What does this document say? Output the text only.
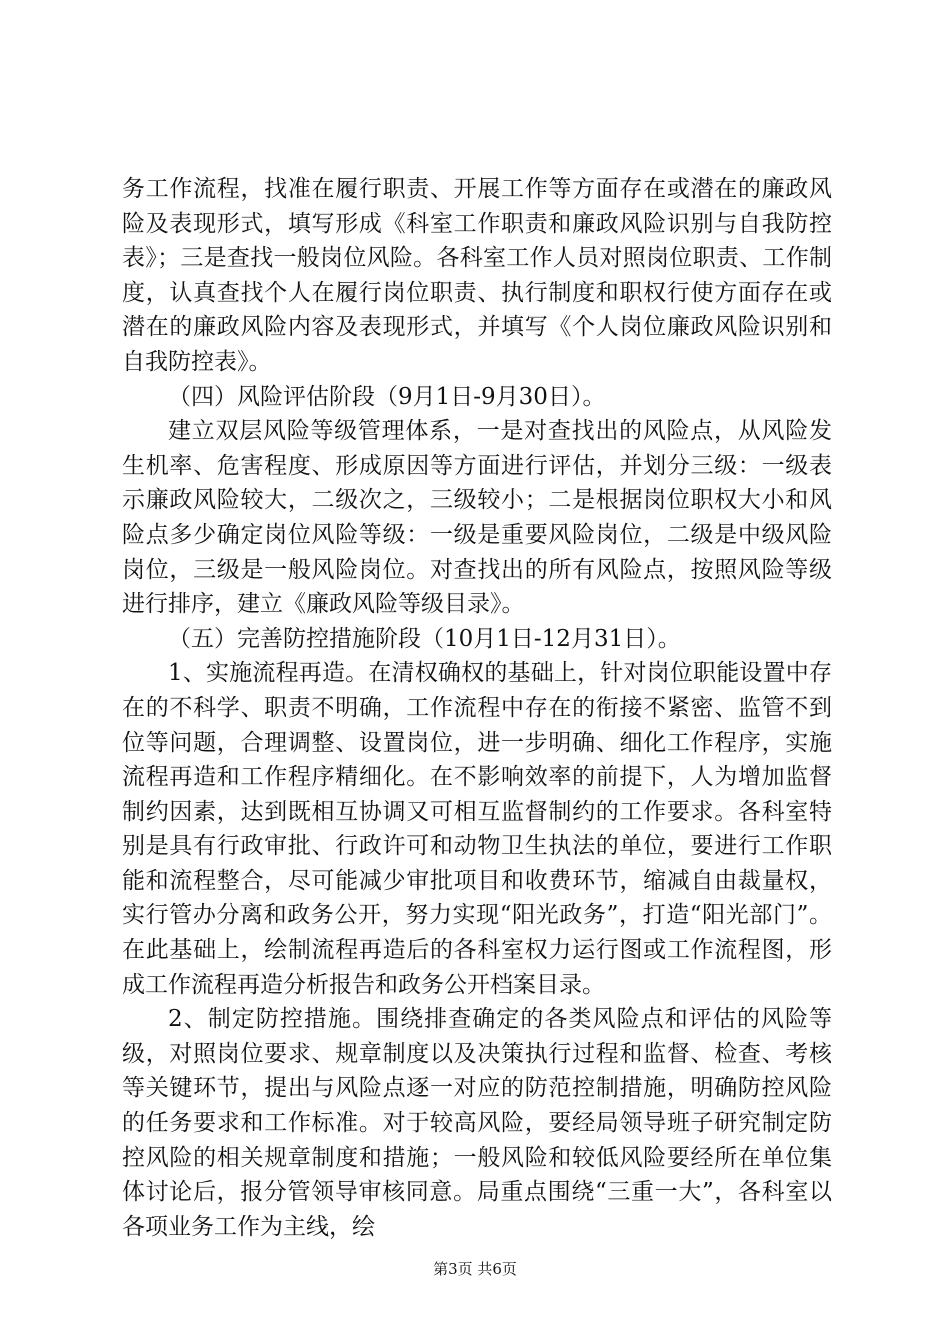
务工作流程，找准在履行职责、开展工作等方面存在或潜在的廉政风险及表现形式，填写形成《科室工作职责和廉政风险识别与自我防控表》；三是查找一般岗位风险。各科室工作人员对照岗位职责、工作制度，认真查找个人在履行岗位职责、执行制度和职权行使方面存在或潜在的廉政风险内容及表现形式，并填写《个人岗位廉政风险识别和自我防控表》。

（四）风险评估阶段（9月1日-9月30日）。

建立双层风险等级管理体系，一是对查找出的风险点，从风险发生机率、危害程度、形成原因等方面进行评估，并划分三级：一级表示廉政风险较大，二级次之，三级较小；二是根据岗位职权大小和风险点多少确定岗位风险等级：一级是重要风险岗位，二级是中级风险岗位，三级是一般风险岗位。对查找出的所有风险点，按照风险等级进行排序，建立《廉政风险等级目录》。

（五）完善防控措施阶段（10月1日-12月31日）。

1、实施流程再造。在清权确权的基础上，针对岗位职能设置中存在的不科学、职责不明确，工作流程中存在的衔接不紧密、监管不到位等问题，合理调整、设置岗位，进一步明确、细化工作程序，实施流程再造和工作程序精细化。在不影响效率的前提下，人为增加监督制约因素，达到既相互协调又可相互监督制约的工作要求。各科室特别是具有行政审批、行政许可和动物卫生执法的单位，要进行工作职能和流程整合，尽可能减少审批项目和收费环节，缩减自由裁量权，实行管办分离和政务公开，努力实现“阳光政务”，打造“阳光部门”。在此基础上，绘制流程再造后的各科室权力运行图或工作流程图，形成工作流程再造分析报告和政务公开档案目录。

2、制定防控措施。围绕排查确定的各类风险点和评估的风险等级，对照岗位要求、规章制度以及决策执行过程和监督、检查、考核等关键环节，提出与风险点逐一对应的防范控制措施，明确防控风险的任务要求和工作标准。对于较高风险，要经局领导班子研究制定防控风险的相关规章制度和措施；一般风险和较低风险要经所在单位集体讨论后，报分管领导审核同意。局重点围绕“三重一大”，各科室以各项业务工作为主线，绘

第3页 共6页
